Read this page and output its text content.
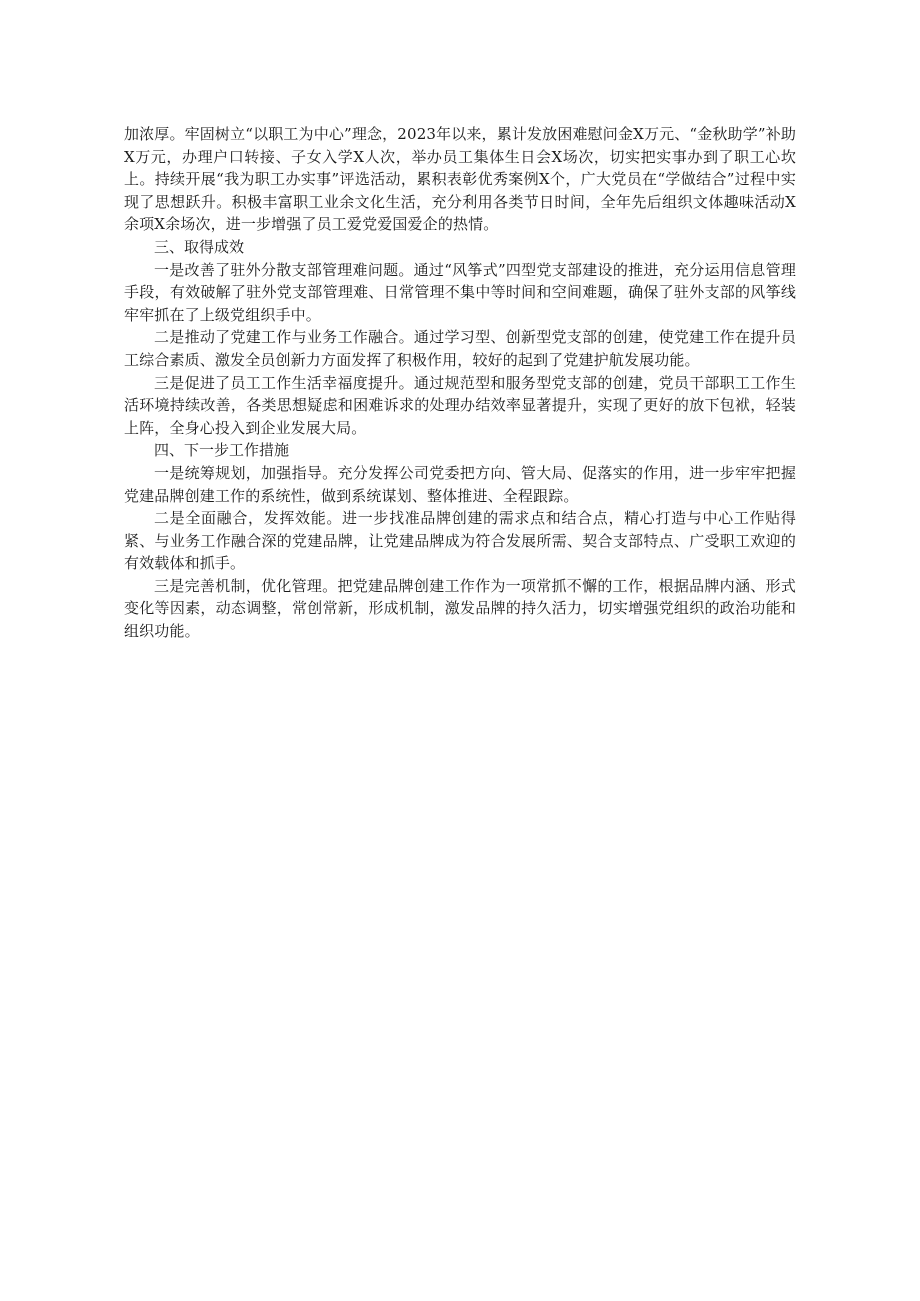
加浓厚。牢固树立“以职工为中心”理念，2023年以来，累计发放困难慰问金X万元、“金秋助学”补助X万元，办理户口转接、子女入学X人次，举办员工集体生日会X场次，切实把实事办到了职工心坎上。持续开展“我为职工办实事”评选活动，累积表彰优秀案例X个，广大党员在“学做结合”过程中实现了思想跃升。积极丰富职工业余文化生活，充分利用各类节日时间，全年先后组织文体趣味活动X余项X余场次，进一步增强了员工爱党爱国爱企的热情。

三、取得成效

一是改善了驻外分散支部管理难问题。通过“风筝式”四型党支部建设的推进，充分运用信息管理手段，有效破解了驻外党支部管理难、日常管理不集中等时间和空间难题，确保了驻外支部的风筝线牢牢抓在了上级党组织手中。

二是推动了党建工作与业务工作融合。通过学习型、创新型党支部的创建，使党建工作在提升员工综合素质、激发全员创新力方面发挥了积极作用，较好的起到了党建护航发展功能。

三是促进了员工工作生活幸福度提升。通过规范型和服务型党支部的创建，党员干部职工工作生活环境持续改善，各类思想疑虑和困难诉求的处理办结效率显著提升，实现了更好的放下包袱，轻装上阵，全身心投入到企业发展大局。

四、下一步工作措施

一是统筹规划，加强指导。充分发挥公司党委把方向、管大局、促落实的作用，进一步牢牢把握党建品牌创建工作的系统性，做到系统谋划、整体推进、全程跟踪。

二是全面融合，发挥效能。进一步找准品牌创建的需求点和结合点，精心打造与中心工作贴得紧、与业务工作融合深的党建品牌，让党建品牌成为符合发展所需、契合支部特点、广受职工欢迎的有效载体和抓手。

三是完善机制，优化管理。把党建品牌创建工作作为一项常抓不懈的工作，根据品牌内涵、形式变化等因素，动态调整，常创常新，形成机制，激发品牌的持久活力，切实增强党组织的政治功能和组织功能。
